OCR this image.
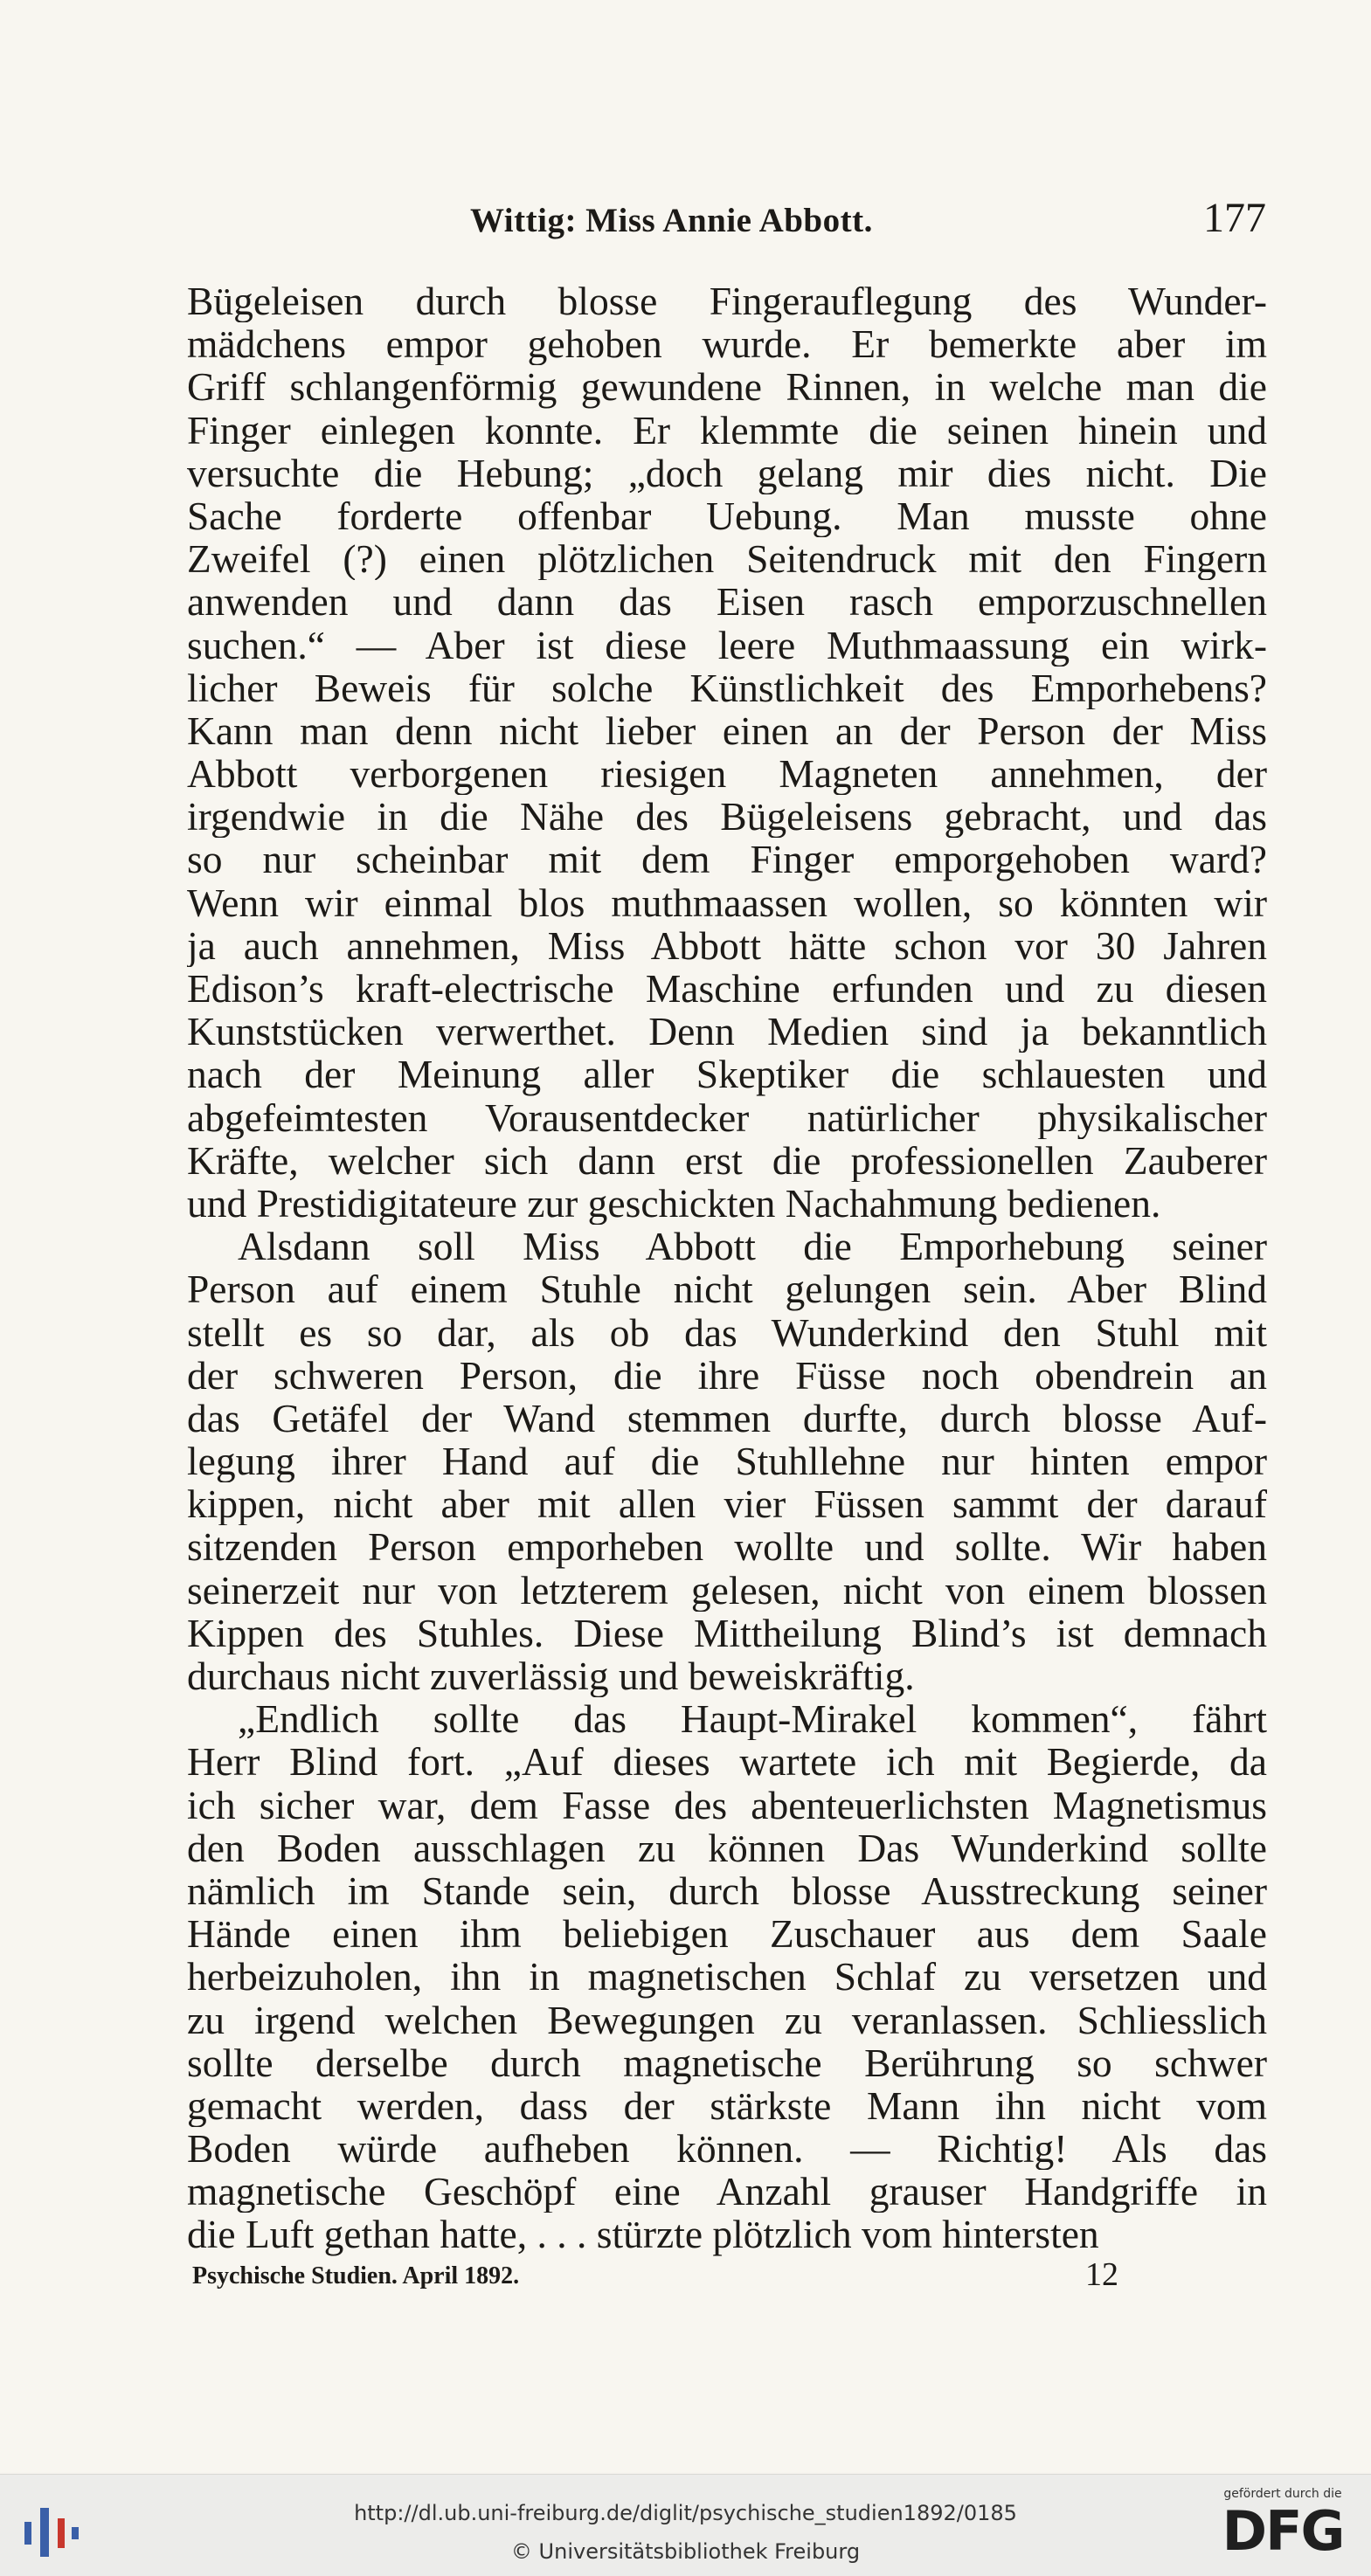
Wittig: Miss Annie Abbott.	177
Bügeleisen durch blosse Fingerauflegung des Wunder-
mädchens empor gehoben wurde. Er bemerkte aber im
Griff schlangenförmig gewundene Rinnen, in welche man die
Finger einlegen konnte. Er klemmte die seinen hinein und
versuchte die Hebung; „doch gelang mir dies nicht. Die
Sache forderte offenbar Uebung. Man musste ohne
Zweifel (?) einen plötzlichen Seitendruck mit den Fingern
anwenden und dann das Eisen rasch emporzuschnellen
suchen.“ — Aber ist diese leere Muthmaassung ein wirk-
licher Beweis für solche Künstlichkeit des Emporhebens?
Kann man denn nicht lieber einen an der Person der Miss
Abbott verborgenen riesigen Magneten annehmen, der
irgendwie in die Nähe des Bügeleisens gebracht, und das
so nur scheinbar mit dem Finger emporgehoben ward?
Wenn wir einmal blos muthmaassen wollen, so könnten wir
ja auch annehmen, Miss Abbott hätte schon vor 30 Jahren
Edison’s kraft-electrische Maschine erfunden und zu diesen
Kunststücken verwerthet. Denn Medien sind ja bekanntlich
nach der Meinung aller Skeptiker die schlauesten und
abgefeimtesten Vorausentdecker natürlicher physikalischer
Kräfte, welcher sich dann erst die professionellen Zauberer
und Prestidigitateure zur geschickten Nachahmung bedienen.
Alsdann soll Miss Abbott die Emporhebung seiner
Person auf einem Stuhle nicht gelungen sein. Aber Blind
stellt es so dar, als ob das Wunderkind den Stuhl mit
der schweren Person, die ihre Füsse noch obendrein an
das Getäfel der Wand stemmen durfte, durch blosse Auf-
legung ihrer Hand auf die Stuhllehne nur hinten empor
kippen, nicht aber mit allen vier Füssen sammt der darauf
sitzenden Person emporheben wollte und sollte. Wir haben
seinerzeit nur von letzterem gelesen, nicht von einem blossen
Kippen des Stuhles. Diese Mittheilung Blind’s ist demnach
durchaus nicht zuverlässig und beweiskräftig.
„Endlich sollte das Haupt-Mirakel kommen“, fährt
Herr Blind fort. „Auf dieses wartete ich mit Begierde, da
ich sicher war, dem Fasse des abenteuerlichsten Magnetismus
den Boden ausschlagen zu können Das Wunderkind sollte
nämlich im Stande sein, durch blosse Ausstreckung seiner
Hände einen ihm beliebigen Zuschauer aus dem Saale
herbeizuholen, ihn in magnetischen Schlaf zu versetzen und
zu irgend welchen Bewegungen zu veranlassen. Schliesslich
sollte derselbe durch magnetische Berührung so schwer
gemacht werden, dass der stärkste Mann ihn nicht vom
Boden würde aufheben können. — Richtig! Als das
magnetische Geschöpf eine Anzahl grauser Handgriffe in
die Luft gethan hatte, . . . stürzte plötzlich vom hintersten
Psychische Studien. April 1892.	12
http://dl.ub.uni-freiburg.de/diglit/psychische_studien1892/0185
© Universitätsbibliothek Freiburg
gefördert durch die
DFG
